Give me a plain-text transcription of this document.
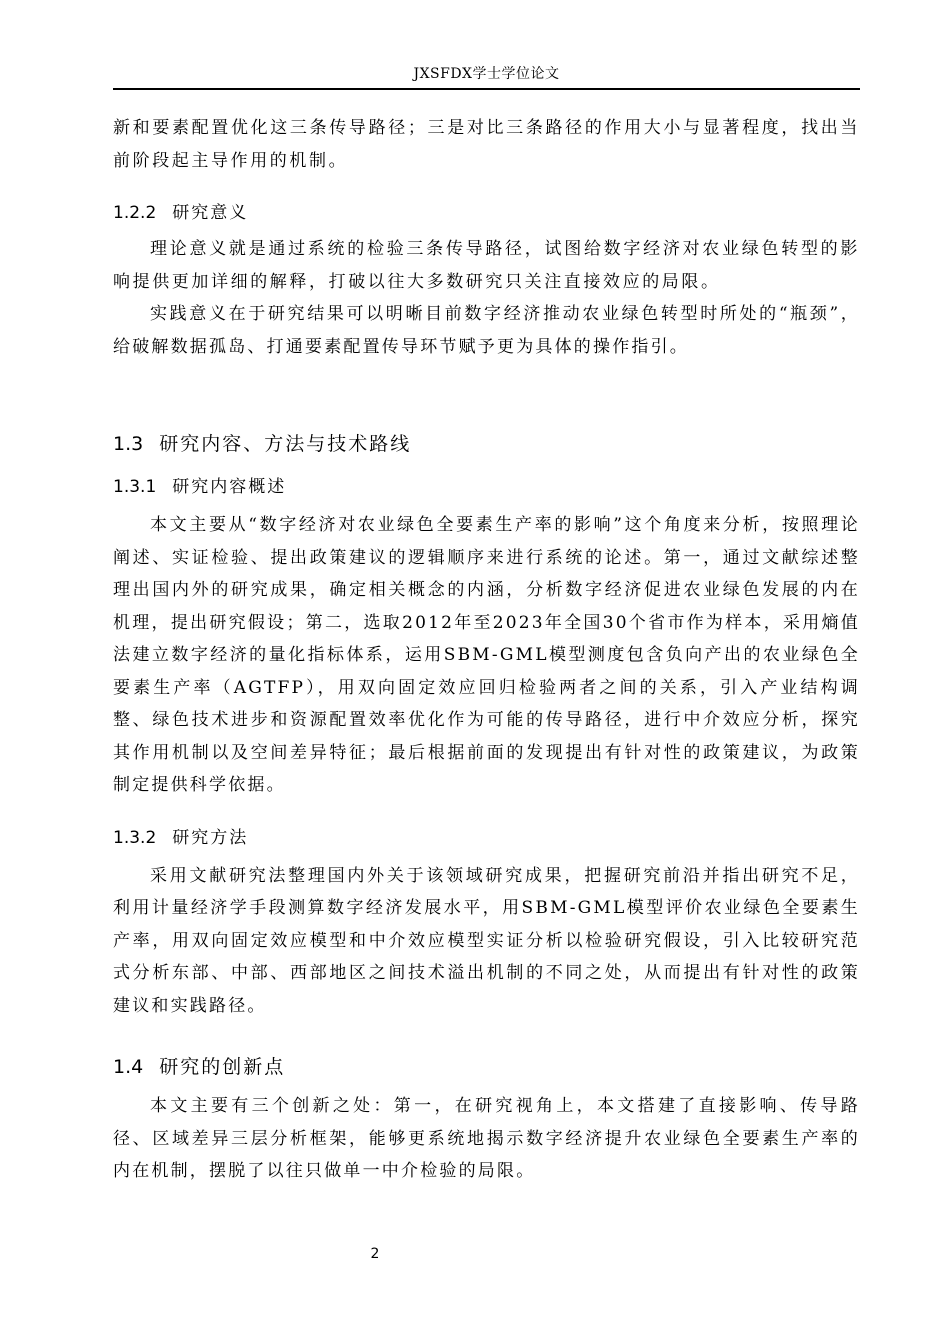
JXSFDX学士学位论文

新和要素配置优化这三条传导路径；三是对比三条路径的作用大小与显著程度，找出当前阶段起主导作用的机制。

1.2.2 研究意义

理论意义就是通过系统的检验三条传导路径，试图给数字经济对农业绿色转型的影响提供更加详细的解释，打破以往大多数研究只关注直接效应的局限。

实践意义在于研究结果可以明晰目前数字经济推动农业绿色转型时所处的“瓶颈”，给破解数据孤岛、打通要素配置传导环节赋予更为具体的操作指引。

1.3 研究内容、方法与技术路线
1.3.1 研究内容概述

本文主要从“数字经济对农业绿色全要素生产率的影响”这个角度来分析，按照理论阐述、实证检验、提出政策建议的逻辑顺序来进行系统的论述。第一，通过文献综述整理出国内外的研究成果，确定相关概念的内涵，分析数字经济促进农业绿色发展的内在机理，提出研究假设；第二，选取2012年至2023年全国30个省市作为样本，采用熵值法建立数字经济的量化指标体系，运用SBM-GML模型测度包含负向产出的农业绿色全要素生产率（AGTFP），用双向固定效应回归检验两者之间的关系，引入产业结构调整、绿色技术进步和资源配置效率优化作为可能的传导路径，进行中介效应分析，探究其作用机制以及空间差异特征；最后根据前面的发现提出有针对性的政策建议，为政策制定提供科学依据。

1.3.2 研究方法

采用文献研究法整理国内外关于该领域研究成果，把握研究前沿并指出研究不足，利用计量经济学手段测算数字经济发展水平，用SBM-GML模型评价农业绿色全要素生产率，用双向固定效应模型和中介效应模型实证分析以检验研究假设，引入比较研究范式分析东部、中部、西部地区之间技术溢出机制的不同之处，从而提出有针对性的政策建议和实践路径。

1.4 研究的创新点

本文主要有三个创新之处：第一，在研究视角上，本文搭建了直接影响、传导路径、区域差异三层分析框架，能够更系统地揭示数字经济提升农业绿色全要素生产率的内在机制，摆脱了以往只做单一中介检验的局限。

2
